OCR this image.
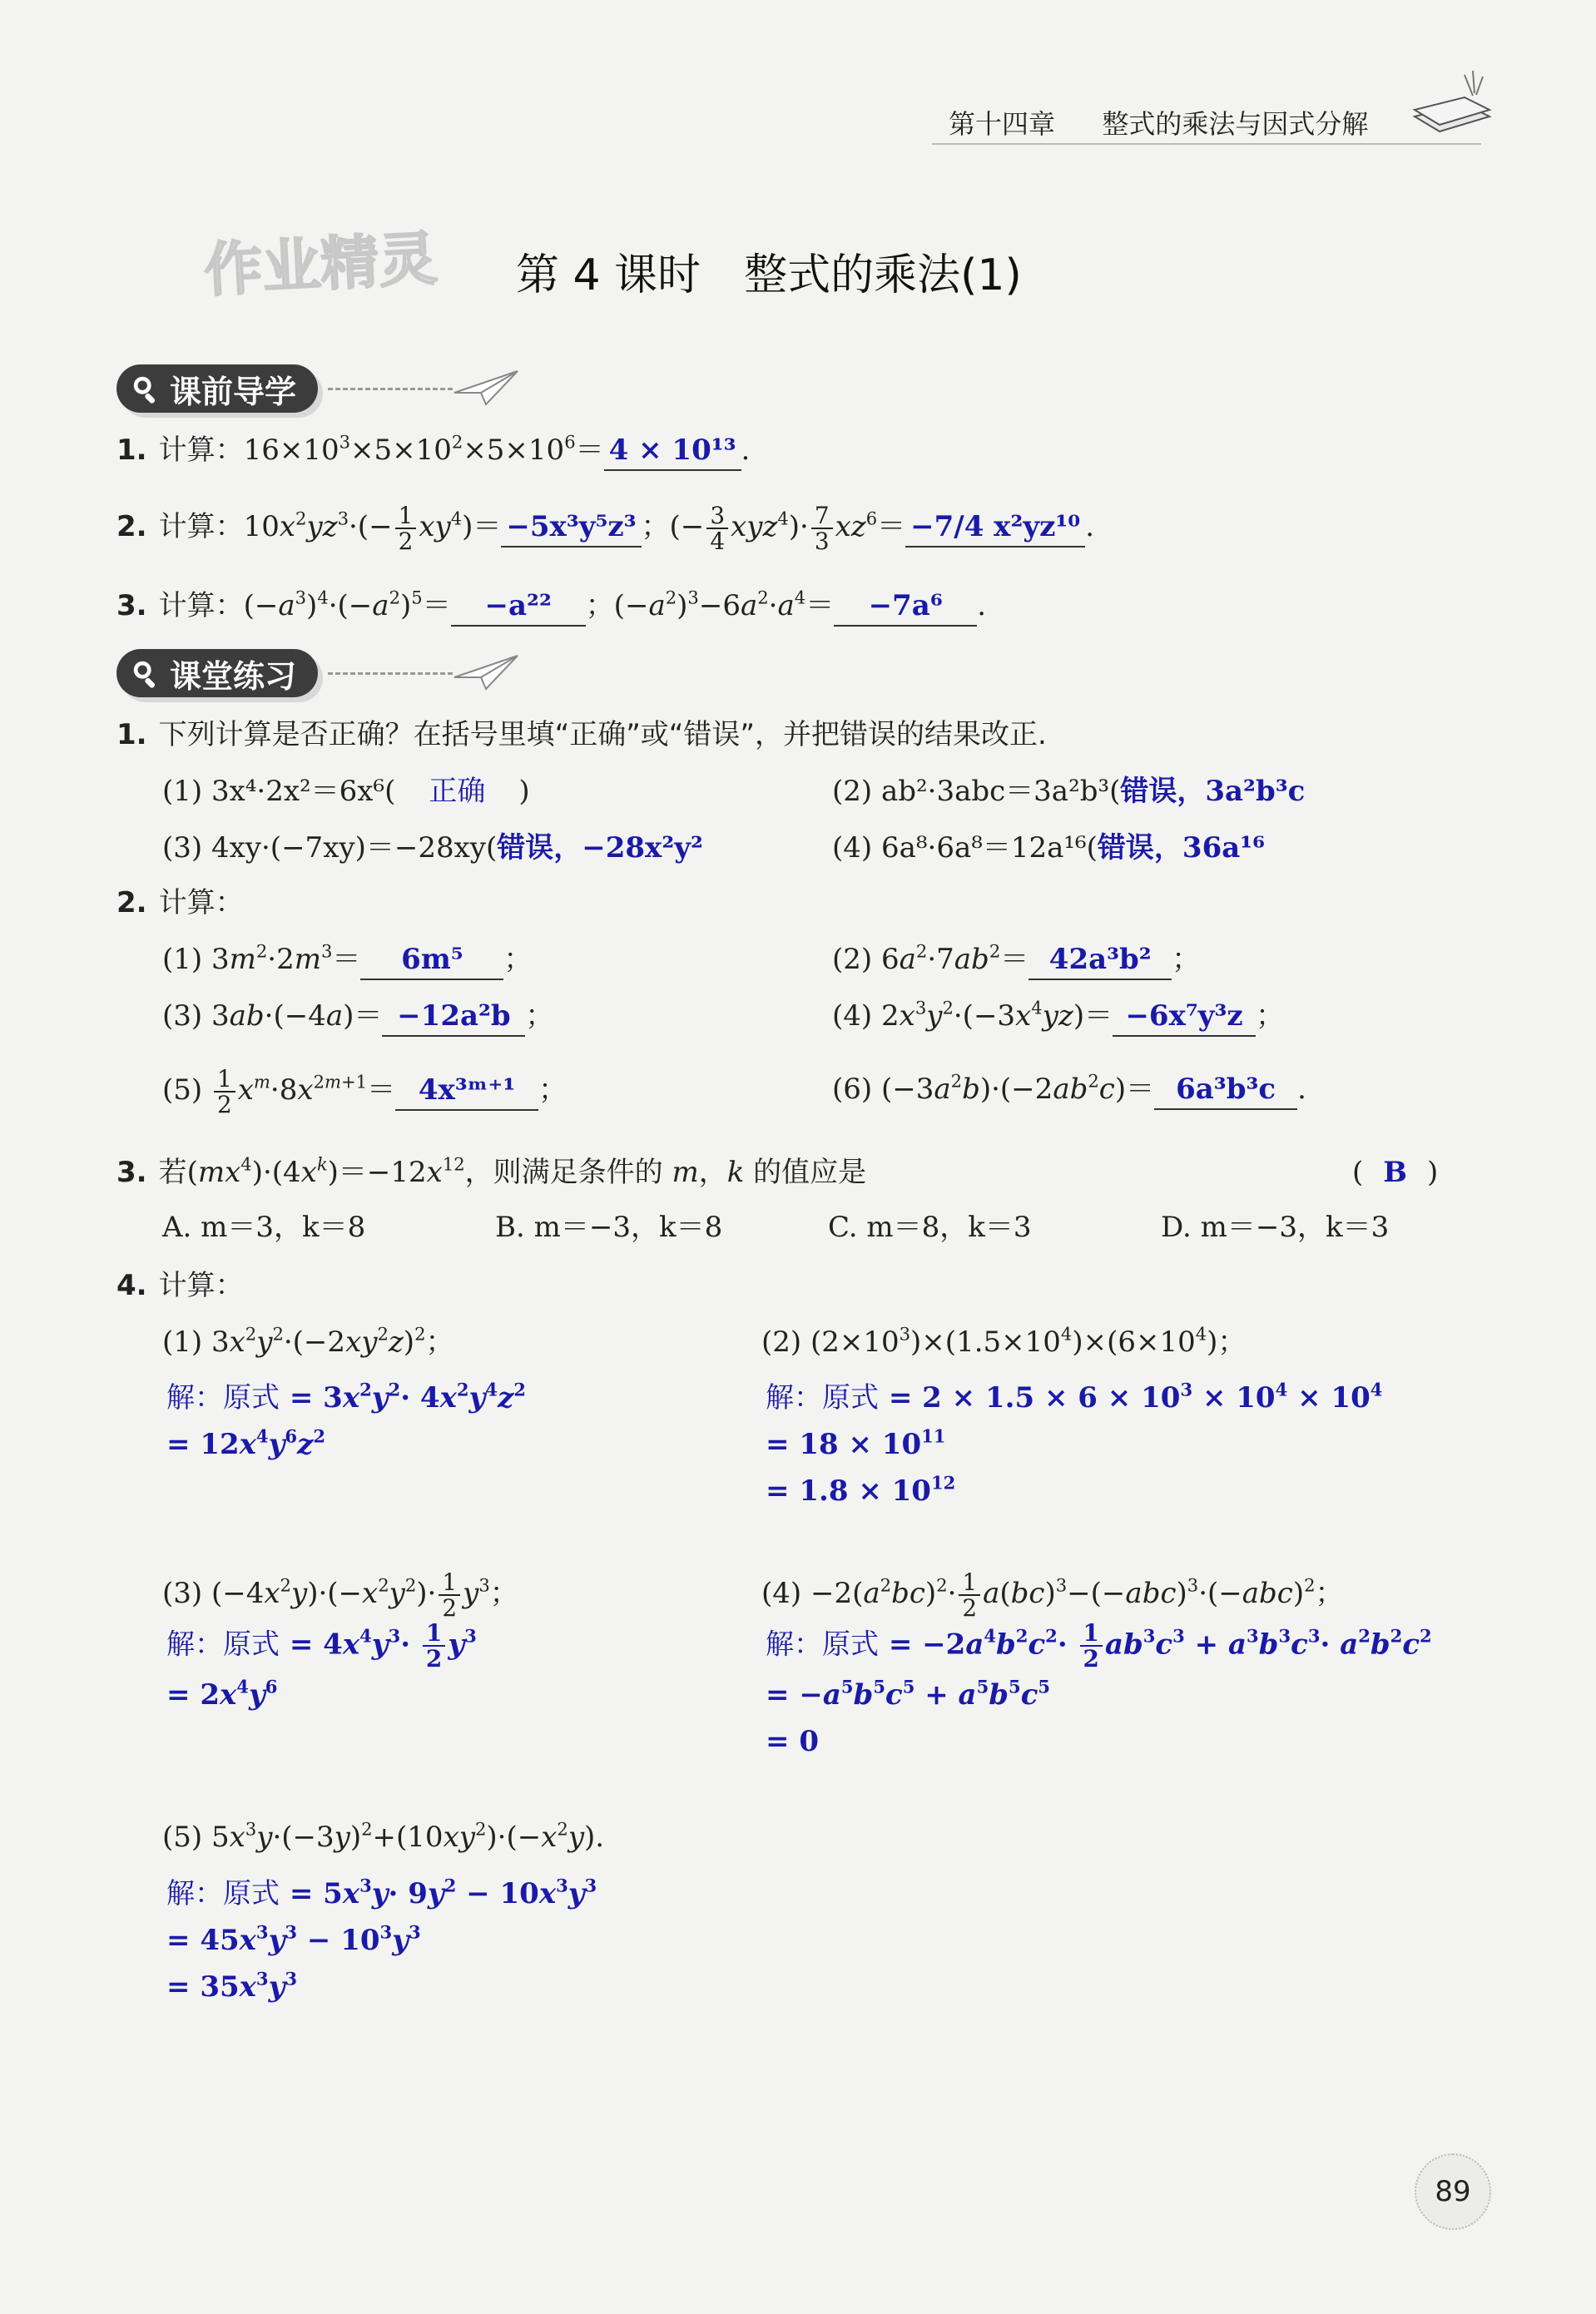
第十四章 整式的乘法与因式分解
作业精灵 第 4 课时　整式的乘法(1)
课前导学
1. 计算：$16\times 10^3\times 5\times 10^2\times 5\times 10^6= 4 \times 10^{13}$ .
2. 计算：$10x^2yz^3\cdot(- \frac{1}{2} xy^4)= -5x^3y^5z^3$ ；(− $\frac{3}{4} xyz^4)\cdot \frac{7}{3} xz^6= -7/4$ x²yz¹⁰ .
3. 计算：$(-a^3)^4\cdot(-a^2)^5= -a^{22}$ ；$(-a^2)^3-6a^2\cdot a^4= -7a^6$ .
课堂练习
1. 下列计算是否正确？在括号里填“正确”或“错误”，并把错误的结果改正.
(1) 3x⁴·2x²＝6x⁶( 正确 )	(2) ab²·3abc＝3a²b³(错误，3a²b³c
(3) 4xy·(−7xy)＝−28xy(错误，−28x²y²	(4) 6a⁸·6a⁸＝12a¹⁶(错误，36a¹⁶
2. 计算：
(1) $3m^2\cdot 2m^3= 6m^5$ ；	(2) $6a^2\cdot 7ab^2= 42a^3b^2$ ；
(3) 3ab·(−4a)＝ −12a²b ；	(4) $2x^3y^2\cdot(-3x^4yz)= -6x^7y^3z$ ；
$(5) \frac{1}{2} x^m\cdot 8x^{2m+1}=$ 4x³ᵐ⁺¹ ；	(6) $(-3a^2b)\cdot(-2ab^2c)= 6a^3b^3c$ .
3. 若$(mx^4)\cdot(4x^k)=-12x^{12}$，则满足条件的 m，k 的值应是	( B )
A. m＝3，k＝8	B. m＝−3，k＝8	C. m＝8，k＝3	D. m＝−3，k＝3
4. 计算：
(1) $3x^2y^2\cdot(-2xy^2z)^2$；
解：原式 = $3x^2y^2\cdot 4x^2y^4z^2$
= $12x^4y^6z^2$
(2) $(2\times 10^3)\times(1.5\times 10^4)\times(6\times 10^4)$；
解：原式 = $2 \times 1.5 \times 6 \times 10^3 \times 10^4 \times 10^4$
= $18 \times 10^{11}$
= $1.8 \times 10^{12}$
(3) $(-4x^2y)\cdot(-x^2y^2)\cdot \frac{1}{2} y^3$；
解：原式 = $4x^4y^3\cdot \frac{1}{2} y^3$
= $2x^4y^6$
$(4) -2(a^2bc)^2\cdot \frac{1}{2} a(bc)^3-(-abc)^3\cdot(-abc)^2$；
解：原式 = $-2a^4b^2c^2\cdot \frac{1}{2} ab^3c^3 + a^3b^3c^3\cdot a^2b^2c^2$
= $-a^5b^5c^5 + a^5b^5c^5$
= 0
(5) $5x^3y\cdot(-3y)^2+(10xy^2)\cdot(-x^2y)$.
解：原式 = $5x^3y\cdot 9y^2 - 10x^3y^3$
= $45x^3y^3 - 10^3y^3$
= $35x^3y^3$
89
